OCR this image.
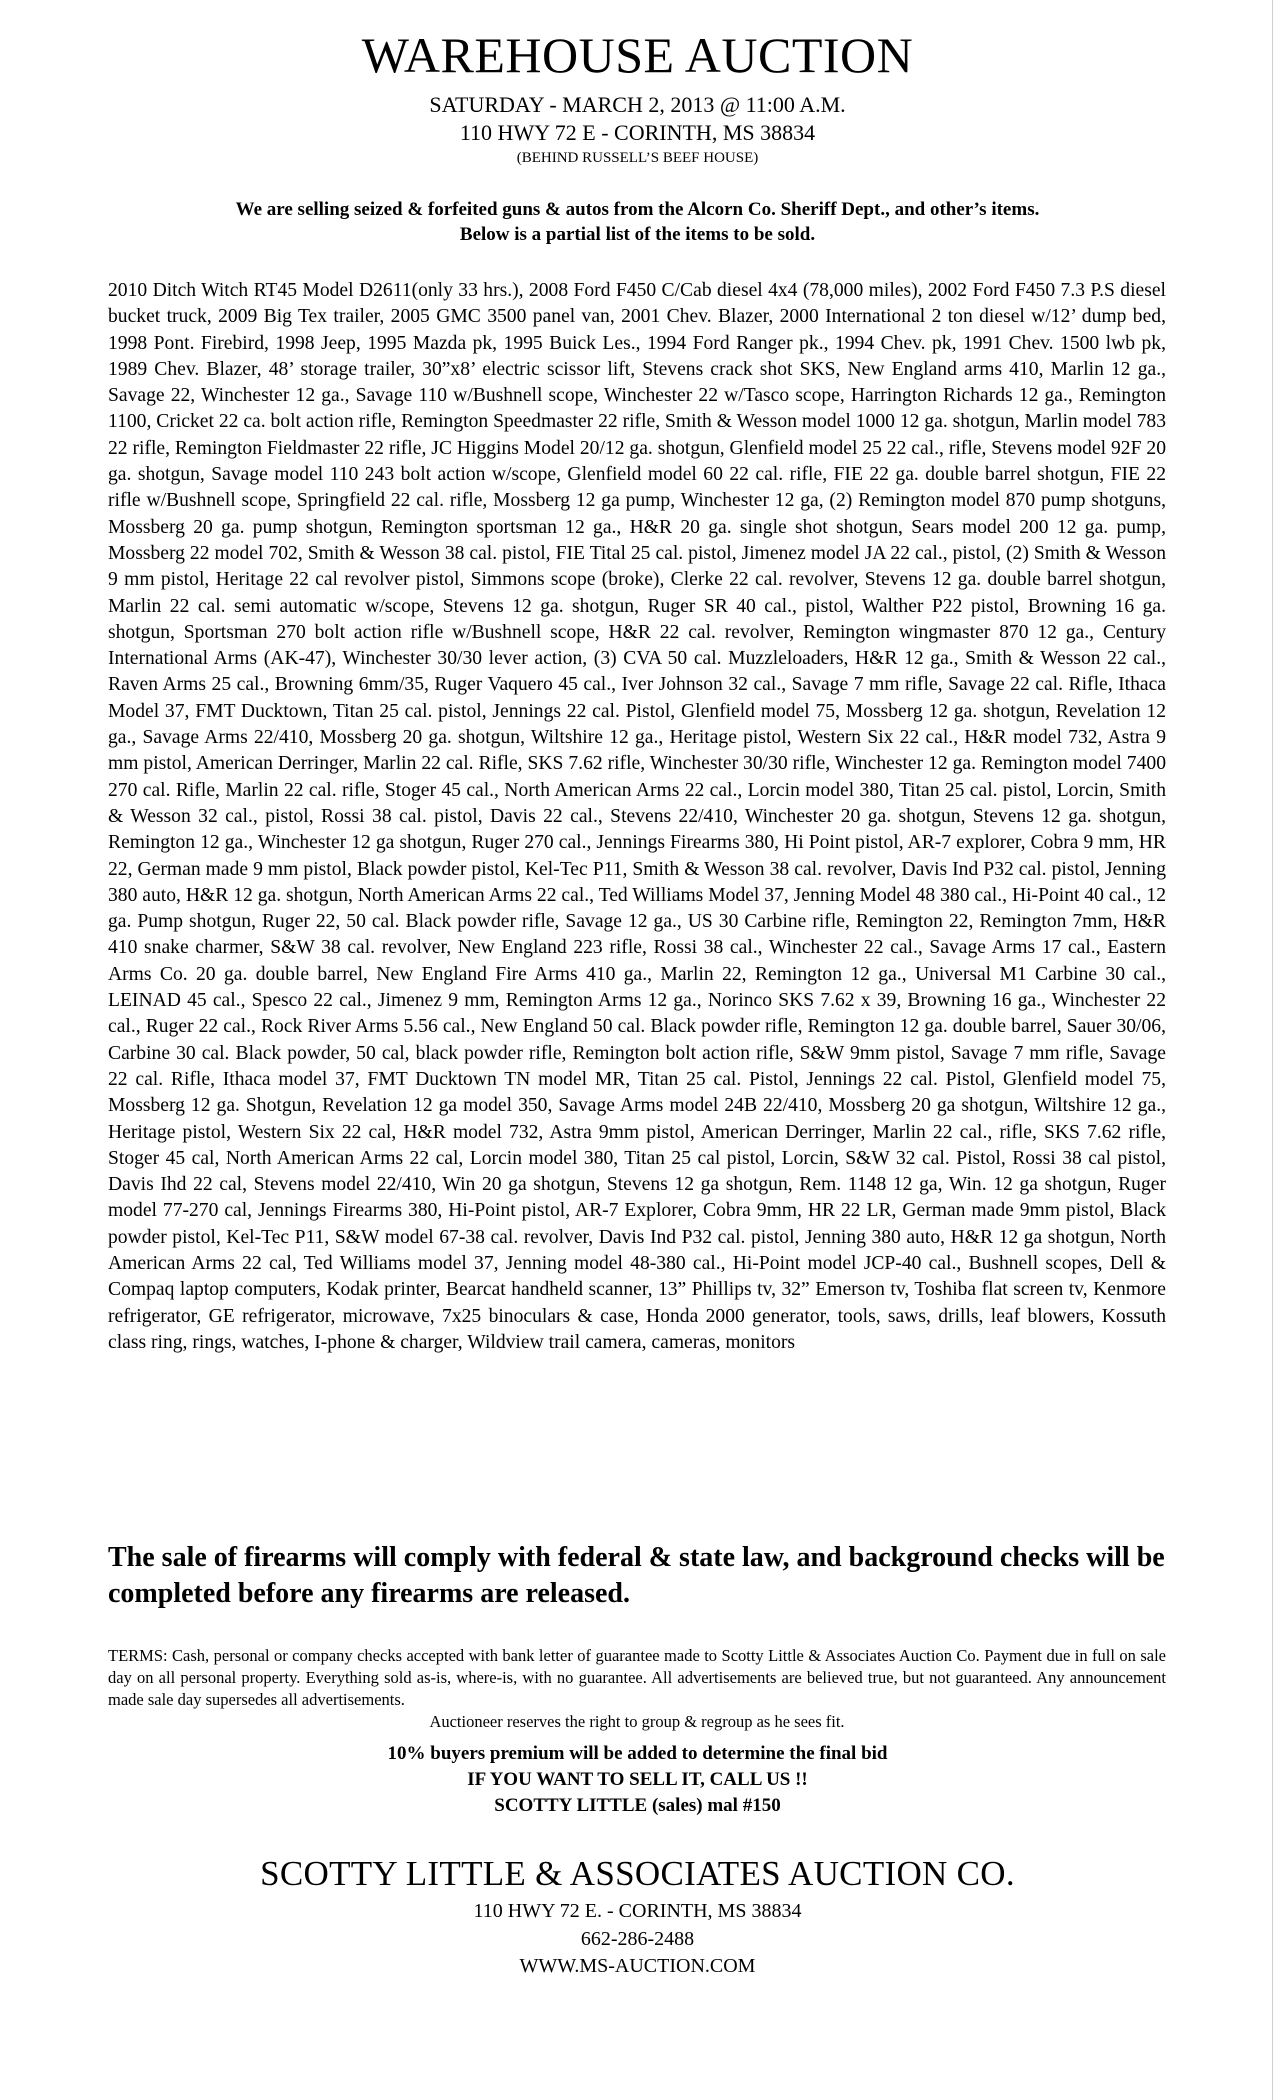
WAREHOUSE AUCTION
SATURDAY - MARCH 2, 2013 @ 11:00 A.M.
110 HWY 72 E - CORINTH, MS 38834
(BEHIND RUSSELL’S BEEF HOUSE)
We are selling seized & forfeited guns & autos from the Alcorn Co. Sheriff Dept., and other’s items.
Below is a partial list of the items to be sold.
2010 Ditch Witch RT45 Model D2611(only 33 hrs.), 2008 Ford F450 C/Cab diesel 4x4 (78,000 miles), 2002 Ford F450 7.3 P.S diesel bucket truck, 2009 Big Tex trailer, 2005 GMC 3500 panel van, 2001 Chev. Blazer, 2000 International 2 ton diesel w/12’ dump bed, 1998 Pont. Firebird, 1998 Jeep, 1995 Mazda pk, 1995 Buick Les., 1994 Ford Ranger pk., 1994 Chev. pk, 1991 Chev. 1500 lwb pk, 1989 Chev. Blazer, 48’ storage trailer, 30”x8’ electric scissor lift, Stevens crack shot SKS, New England arms 410, Marlin 12 ga., Savage 22, Winchester 12 ga., Savage 110 w/Bushnell scope, Winchester 22 w/Tasco scope, Harrington Richards 12 ga., Remington 1100, Cricket 22 ca. bolt action rifle, Remington Speedmaster 22 rifle, Smith & Wesson model 1000 12 ga. shotgun, Marlin model 783 22 rifle, Remington Fieldmaster 22 rifle, JC Higgins Model 20/12 ga. shotgun, Glenfield model 25 22 cal., rifle, Stevens model 92F 20 ga. shotgun, Savage model 110 243 bolt action w/scope, Glenfield model 60 22 cal. rifle, FIE 22 ga. double barrel shotgun, FIE 22 rifle w/Bushnell scope, Springfield 22 cal. rifle, Mossberg 12 ga pump, Winchester 12 ga, (2) Remington model 870 pump shotguns, Mossberg 20 ga. pump shotgun, Remington sportsman 12 ga., H&R 20 ga. single shot shotgun, Sears model 200 12 ga. pump, Mossberg 22 model 702, Smith & Wesson 38 cal. pistol, FIE Tital 25 cal. pistol, Jimenez model JA 22 cal., pistol, (2) Smith & Wesson 9 mm pistol, Heritage 22 cal revolver pistol, Simmons scope (broke), Clerke 22 cal. revolver, Stevens 12 ga. double barrel shotgun, Marlin 22 cal. semi automatic w/scope, Stevens 12 ga. shotgun, Ruger SR 40 cal., pistol, Walther P22 pistol, Browning 16 ga. shotgun, Sportsman 270 bolt action rifle w/Bushnell scope, H&R 22 cal. revolver, Remington wingmaster 870 12 ga., Century International Arms (AK-47), Winchester 30/30 lever action, (3) CVA 50 cal. Muzzleloaders, H&R 12 ga., Smith & Wesson 22 cal., Raven Arms 25 cal., Browning 6mm/35, Ruger Vaquero 45 cal., Iver Johnson 32 cal., Savage 7 mm rifle, Savage 22 cal. Rifle, Ithaca Model 37, FMT Ducktown, Titan 25 cal. pistol, Jennings 22 cal. Pistol, Glenfield model 75, Mossberg 12 ga. shotgun, Revelation 12 ga., Savage Arms 22/410, Mossberg 20 ga. shotgun, Wiltshire 12 ga., Heritage pistol, Western Six 22 cal., H&R model 732, Astra 9 mm pistol, American Derringer, Marlin 22 cal. Rifle, SKS 7.62 rifle, Winchester 30/30 rifle, Winchester 12 ga. Remington model 7400 270 cal. Rifle, Marlin 22 cal. rifle, Stoger 45 cal., North American Arms 22 cal., Lorcin model 380, Titan 25 cal. pistol, Lorcin, Smith & Wesson 32 cal., pistol, Rossi 38 cal. pistol, Davis 22 cal., Stevens 22/410, Winchester 20 ga. shotgun, Stevens 12 ga. shotgun, Remington 12 ga., Winchester 12 ga shotgun, Ruger 270 cal., Jennings Firearms 380, Hi Point pistol, AR-7 explorer, Cobra 9 mm, HR 22, German made 9 mm pistol, Black powder pistol, Kel-Tec P11, Smith & Wesson 38 cal. revolver, Davis Ind P32 cal. pistol, Jenning 380 auto, H&R 12 ga. shotgun, North American Arms 22 cal., Ted Williams Model 37, Jenning Model 48 380 cal., Hi-Point 40 cal., 12 ga. Pump shotgun, Ruger 22, 50 cal. Black powder rifle, Savage 12 ga., US 30 Carbine rifle, Remington 22, Remington 7mm, H&R 410 snake charmer, S&W 38 cal. revolver, New England 223 rifle, Rossi 38 cal., Winchester 22 cal., Savage Arms 17 cal., Eastern Arms Co. 20 ga. double barrel, New England Fire Arms 410 ga., Marlin 22, Remington 12 ga., Universal M1 Carbine 30 cal., LEINAD 45 cal., Spesco 22 cal., Jimenez 9 mm, Remington Arms 12 ga., Norinco SKS 7.62 x 39, Browning 16 ga., Winchester 22 cal., Ruger 22 cal., Rock River Arms 5.56 cal., New England 50 cal. Black powder rifle, Remington 12 ga. double barrel, Sauer 30/06, Carbine 30 cal. Black powder, 50 cal, black powder rifle, Remington bolt action rifle, S&W 9mm pistol, Savage 7 mm rifle, Savage 22 cal. Rifle, Ithaca model 37, FMT Ducktown TN model MR, Titan 25 cal. Pistol, Jennings 22 cal. Pistol, Glenfield model 75, Mossberg 12 ga. Shotgun, Revelation 12 ga model 350, Savage Arms model 24B 22/410, Mossberg 20 ga shotgun, Wiltshire 12 ga., Heritage pistol, Western Six 22 cal, H&R model 732, Astra 9mm pistol, American Derringer, Marlin 22 cal., rifle, SKS 7.62 rifle, Stoger 45 cal, North American Arms 22 cal, Lorcin model 380, Titan 25 cal pistol, Lorcin, S&W 32 cal. Pistol, Rossi 38 cal pistol, Davis Ihd 22 cal, Stevens model 22/410, Win 20 ga shotgun, Stevens 12 ga shotgun, Rem. 1148 12 ga, Win. 12 ga shotgun, Ruger model 77-270 cal, Jennings Firearms 380, Hi-Point pistol, AR-7 Explorer, Cobra 9mm, HR 22 LR, German made 9mm pistol, Black powder pistol, Kel-Tec P11, S&W model 67-38 cal. revolver, Davis Ind P32 cal. pistol, Jenning 380 auto, H&R 12 ga shotgun, North American Arms 22 cal, Ted Williams model 37, Jenning model 48-380 cal., Hi-Point model JCP-40 cal., Bushnell scopes, Dell & Compaq laptop computers, Kodak printer, Bearcat handheld scanner, 13” Phillips tv, 32” Emerson tv, Toshiba flat screen tv, Kenmore refrigerator, GE refrigerator, microwave, 7x25 binoculars & case, Honda 2000 generator, tools, saws, drills, leaf blowers, Kossuth class ring, rings, watches, I-phone & charger, Wildview trail camera, cameras, monitors
The sale of firearms will comply with federal & state law, and background checks will be completed before any firearms are released.
TERMS: Cash, personal or company checks accepted with bank letter of guarantee made to Scotty Little & Associates Auction Co. Payment due in full on sale day on all personal property. Everything sold as-is, where-is, with no guarantee. All advertisements are believed true, but not guaranteed. Any announcement made sale day supersedes all advertisements.
Auctioneer reserves the right to group & regroup as he sees fit.
10% buyers premium will be added to determine the final bid
IF YOU WANT TO SELL IT, CALL US !!
SCOTTY LITTLE (sales) mal #150
SCOTTY LITTLE & ASSOCIATES AUCTION CO.
110 HWY 72 E. - CORINTH, MS 38834
662-286-2488
WWW.MS-AUCTION.COM
